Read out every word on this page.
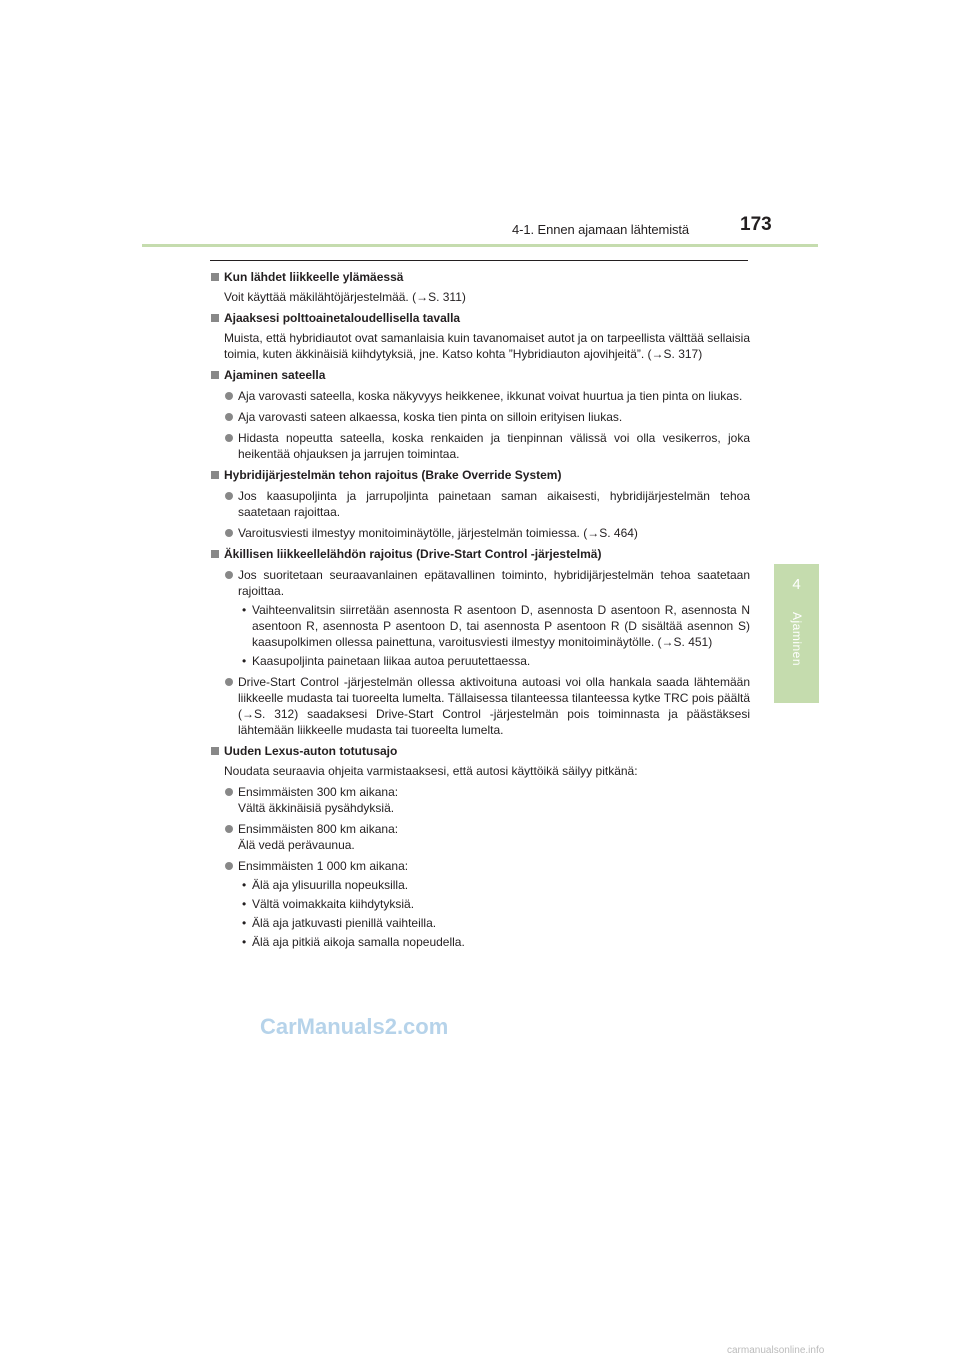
4-1. Ennen ajamaan lähtemistä	173
4
Ajaminen
Kun lähdet liikkeelle ylämäessä
Voit käyttää mäkilähtöjärjestelmää. (→S. 311)
Ajaaksesi polttoainetaloudellisella tavalla
Muista, että hybridiautot ovat samanlaisia kuin tavanomaiset autot ja on tarpeellista välttää sellaisia toimia, kuten äkkinäisiä kiihdytyksiä, jne. Katso kohta ”Hybridiauton ajovihjeitä”. (→S. 317)
Ajaminen sateella
Aja varovasti sateella, koska näkyvyys heikkenee, ikkunat voivat huurtua ja tien pinta on liukas.
Aja varovasti sateen alkaessa, koska tien pinta on silloin erityisen liukas.
Hidasta nopeutta sateella, koska renkaiden ja tienpinnan välissä voi olla vesikerros, joka heikentää ohjauksen ja jarrujen toimintaa.
Hybridijärjestelmän tehon rajoitus (Brake Override System)
Jos kaasupoljinta ja jarrupoljinta painetaan saman aikaisesti, hybridijärjestelmän tehoa saatetaan rajoittaa.
Varoitusviesti ilmestyy monitoiminäytölle, järjestelmän toimiessa. (→S. 464)
Äkillisen liikkeellelähdön rajoitus (Drive-Start Control -järjestelmä)
Jos suoritetaan seuraavanlainen epätavallinen toiminto, hybridijärjestelmän tehoa saatetaan rajoittaa.
• Vaihteenvalitsin siirretään asennosta R asentoon D, asennosta D asentoon R, asennosta N asentoon R, asennosta P asentoon D, tai asennosta P asentoon R (D sisältää asennon S) kaasupolkimen ollessa painettuna, varoitusviesti ilmestyy monitoiminäytölle. (→S. 451)
• Kaasupoljinta painetaan liikaa autoa peruutettaessa.
Drive-Start Control -järjestelmän ollessa aktivoituna autoasi voi olla hankala saada lähtemään liikkeelle mudasta tai tuoreelta lumelta. Tällaisessa tilanteessa tilanteessa kytke TRC pois päältä (→S. 312) saadaksesi Drive-Start Control -järjestelmän pois toiminnasta ja päästäksesi lähtemään liikkeelle mudasta tai tuoreelta lumelta.
Uuden Lexus-auton totutusajo
Noudata seuraavia ohjeita varmistaaksesi, että autosi käyttöikä säilyy pitkänä:
Ensimmäisten 300 km aikana:
Vältä äkkinäisiä pysähdyksiä.
Ensimmäisten 800 km aikana:
Älä vedä perävaunua.
Ensimmäisten 1 000 km aikana:
• Älä aja ylisuurilla nopeuksilla.
• Vältä voimakkaita kiihdytyksiä.
• Älä aja jatkuvasti pienillä vaihteilla.
• Älä aja pitkiä aikoja samalla nopeudella.
CarManuals2.com
carmanualsonline.info
